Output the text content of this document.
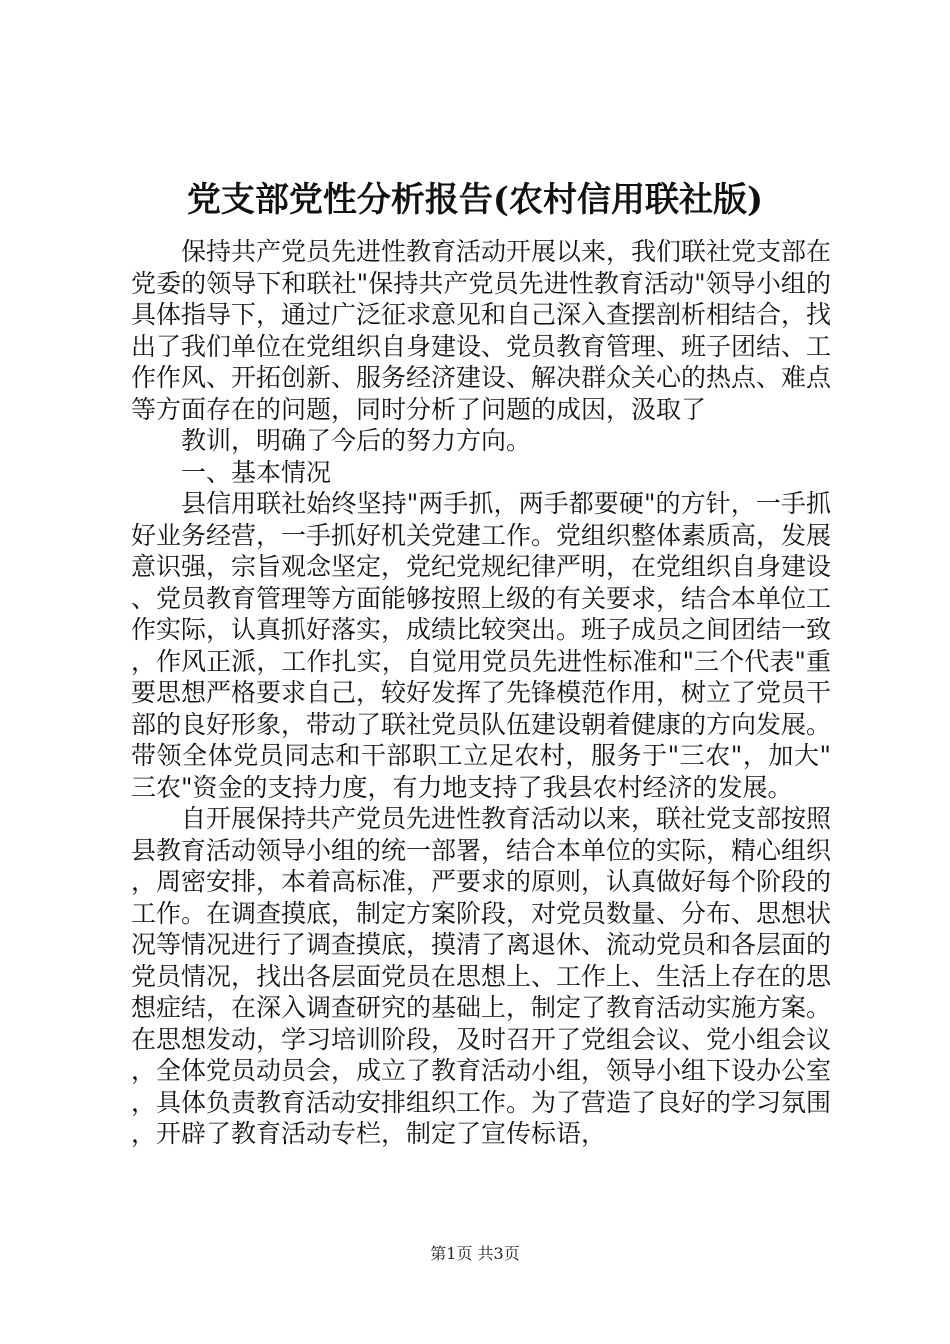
党支部党性分析报告(农村信用联社版)

保持共产党员先进性教育活动开展以来，我们联社党支部在党委的领导下和联社"保持共产党员先进性教育活动"领导小组的具体指导下，通过广泛征求意见和自己深入查摆剖析相结合，找出了我们单位在党组织自身建设、党员教育管理、班子团结、工作作风、开拓创新、服务经济建设、解决群众关心的热点、难点等方面存在的问题，同时分析了问题的成因，汲取了

教训，明确了今后的努力方向。

一、基本情况

县信用联社始终坚持"两手抓，两手都要硬"的方针，一手抓好业务经营，一手抓好机关党建工作。党组织整体素质高，发展意识强，宗旨观念坚定，党纪党规纪律严明，在党组织自身建设、党员教育管理等方面能够按照上级的有关要求，结合本单位工作实际，认真抓好落实，成绩比较突出。班子成员之间团结一致，作风正派，工作扎实，自觉用党员先进性标准和"三个代表"重要思想严格要求自己，较好发挥了先锋模范作用，树立了党员干部的良好形象，带动了联社党员队伍建设朝着健康的方向发展。带领全体党员同志和干部职工立足农村，服务于"三农"，加大"三农"资金的支持力度，有力地支持了我县农村经济的发展。

自开展保持共产党员先进性教育活动以来，联社党支部按照县教育活动领导小组的统一部署，结合本单位的实际，精心组织，周密安排，本着高标准，严要求的原则，认真做好每个阶段的工作。在调查摸底，制定方案阶段，对党员数量、分布、思想状况等情况进行了调查摸底，摸清了离退休、流动党员和各层面的党员情况，找出各层面党员在思想上、工作上、生活上存在的思想症结，在深入调查研究的基础上，制定了教育活动实施方案。在思想发动，学习培训阶段，及时召开了党组会议、党小组会议，全体党员动员会，成立了教育活动小组，领导小组下设办公室，具体负责教育活动安排组织工作。为了营造了良好的学习氛围，开辟了教育活动专栏，制定了宣传标语，

第1页 共3页
